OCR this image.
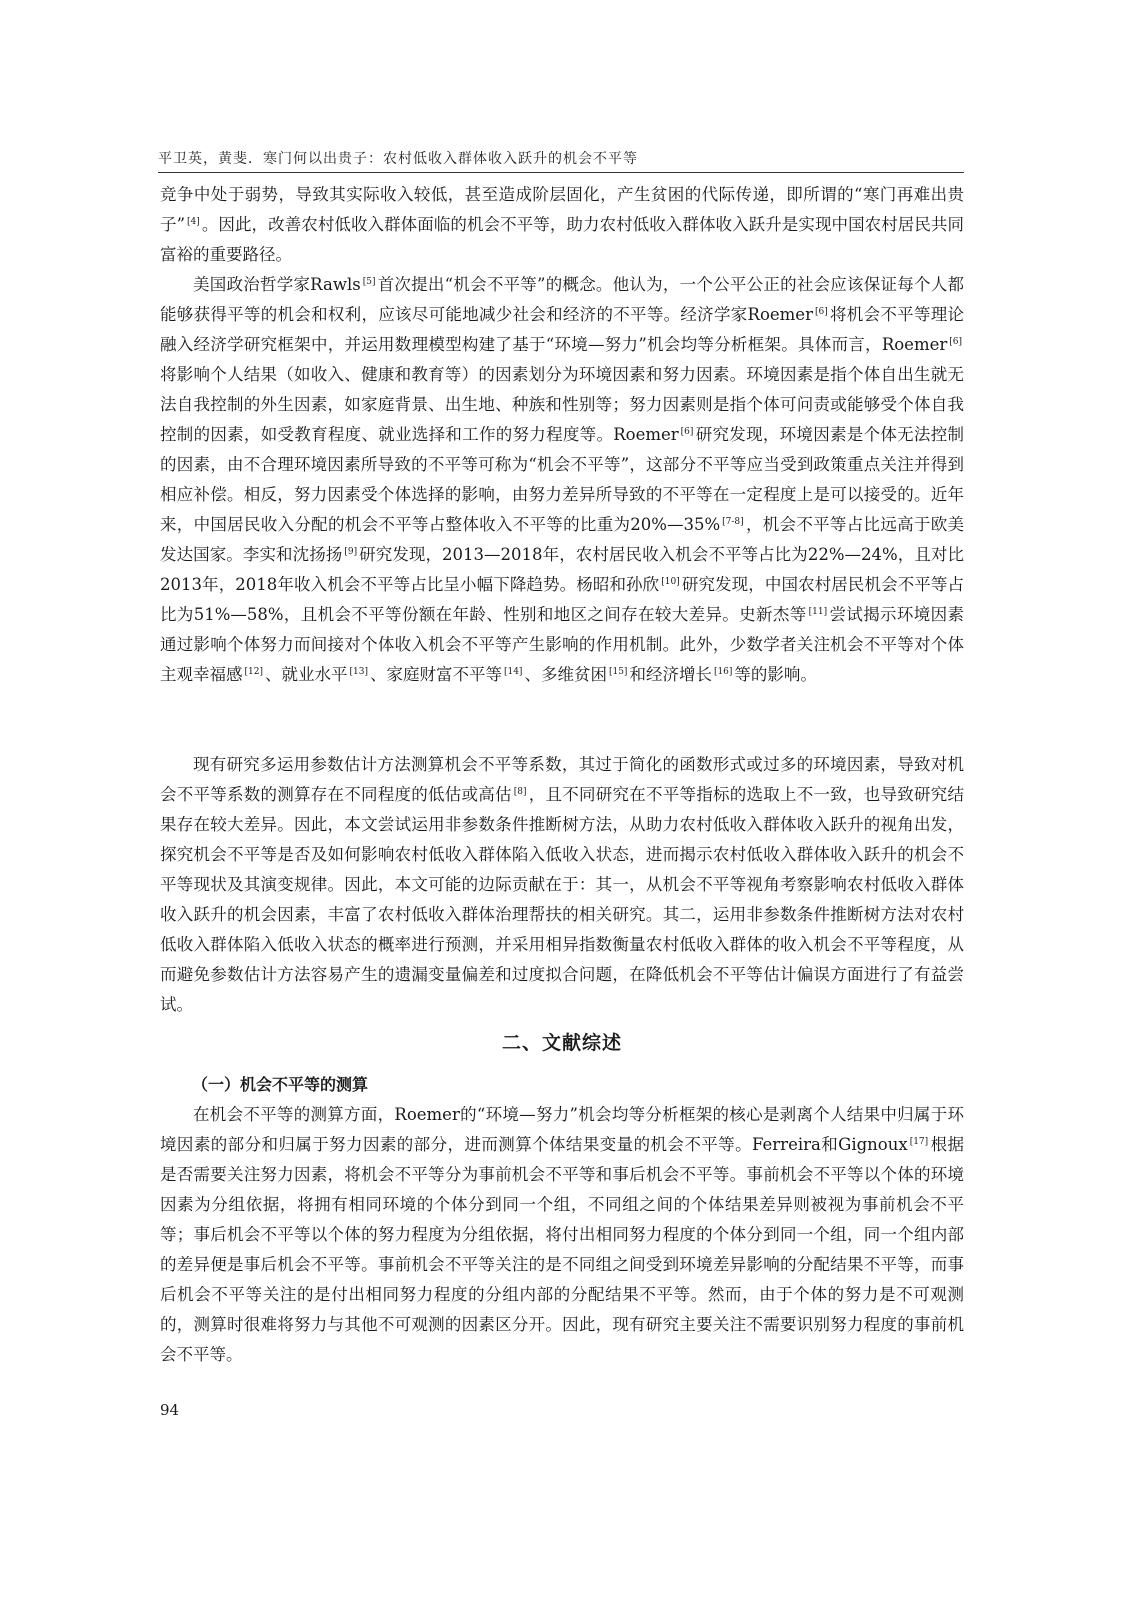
平卫英，黄斐．寒门何以出贵子：农村低收入群体收入跃升的机会不平等

竞争中处于弱势，导致其实际收入较低，甚至造成阶层固化，产生贫困的代际传递，即所谓的“寒门再难出贵子” [4] 。因此，改善农村低收入群体面临的机会不平等，助力农村低收入群体收入跃升是实现中国农村居民共同富裕的重要路径。

美国政治哲学家Rawls [5] 首次提出“机会不平等”的概念。他认为，一个公平公正的社会应该保证每个人都能够获得平等的机会和权利，应该尽可能地减少社会和经济的不平等。经济学家Roemer [6] 将机会不平等理论融入经济学研究框架中，并运用数理模型构建了基于“环境—努力”机会均等分析框架。具体而言，Roemer [6]将影响个人结果（如收入、健康和教育等）的因素划分为环境因素和努力因素。环境因素是指个体自出生就无法自我控制的外生因素，如家庭背景、出生地、种族和性别等；努力因素则是指个体可问责或能够受个体自我控制的因素，如受教育程度、就业选择和工作的努力程度等。Roemer [6] 研究发现，环境因素是个体无法控制的因素，由不合理环境因素所导致的不平等可称为“机会不平等”，这部分不平等应当受到政策重点关注并得到相应补偿。相反，努力因素受个体选择的影响，由努力差异所导致的不平等在一定程度上是可以接受的。近年来，中国居民收入分配的机会不平等占整体收入不平等的比重为20%—35% [7-8] ，机会不平等占比远高于欧美发达国家。李实和沈扬扬 [9] 研究发现，2013—2018年，农村居民收入机会不平等占比为22%—24%，且对比2013年，2018年收入机会不平等占比呈小幅下降趋势。杨昭和孙欣 [10] 研究发现，中国农村居民机会不平等占比为51%—58%，且机会不平等份额在年龄、性别和地区之间存在较大差异。史新杰等 [11] 尝试揭示环境因素通过影响个体努力而间接对个体收入机会不平等产生影响的作用机制。此外，少数学者关注机会不平等对个体主观幸福感 [12] 、就业水平 [13] 、家庭财富不平等 [14] 、多维贫困 [15] 和经济增长 [16] 等的影响。

现有研究多运用参数估计方法测算机会不平等系数，其过于简化的函数形式或过多的环境因素，导致对机会不平等系数的测算存在不同程度的低估或高估 [8] ，且不同研究在不平等指标的选取上不一致，也导致研究结果存在较大差异。因此，本文尝试运用非参数条件推断树方法，从助力农村低收入群体收入跃升的视角出发，探究机会不平等是否及如何影响农村低收入群体陷入低收入状态，进而揭示农村低收入群体收入跃升的机会不平等现状及其演变规律。因此，本文可能的边际贡献在于：其一，从机会不平等视角考察影响农村低收入群体收入跃升的机会因素，丰富了农村低收入群体治理帮扶的相关研究。其二，运用非参数条件推断树方法对农村低收入群体陷入低收入状态的概率进行预测，并采用相异指数衡量农村低收入群体的收入机会不平等程度，从而避免参数估计方法容易产生的遗漏变量偏差和过度拟合问题，在降低机会不平等估计偏误方面进行了有益尝试。

二、文献综述
（一）机会不平等的测算

在机会不平等的测算方面，Roemer的“环境—努力”机会均等分析框架的核心是剥离个人结果中归属于环境因素的部分和归属于努力因素的部分，进而测算个体结果变量的机会不平等。Ferreira和Gignoux [17] 根据是否需要关注努力因素，将机会不平等分为事前机会不平等和事后机会不平等。事前机会不平等以个体的环境因素为分组依据，将拥有相同环境的个体分到同一个组，不同组之间的个体结果差异则被视为事前机会不平等；事后机会不平等以个体的努力程度为分组依据，将付出相同努力程度的个体分到同一个组，同一个组内部的差异便是事后机会不平等。事前机会不平等关注的是不同组之间受到环境差异影响的分配结果不平等，而事后机会不平等关注的是付出相同努力程度的分组内部的分配结果不平等。然而，由于个体的努力是不可观测的，测算时很难将努力与其他不可观测的因素区分开。因此，现有研究主要关注不需要识别努力程度的事前机会不平等。

94
